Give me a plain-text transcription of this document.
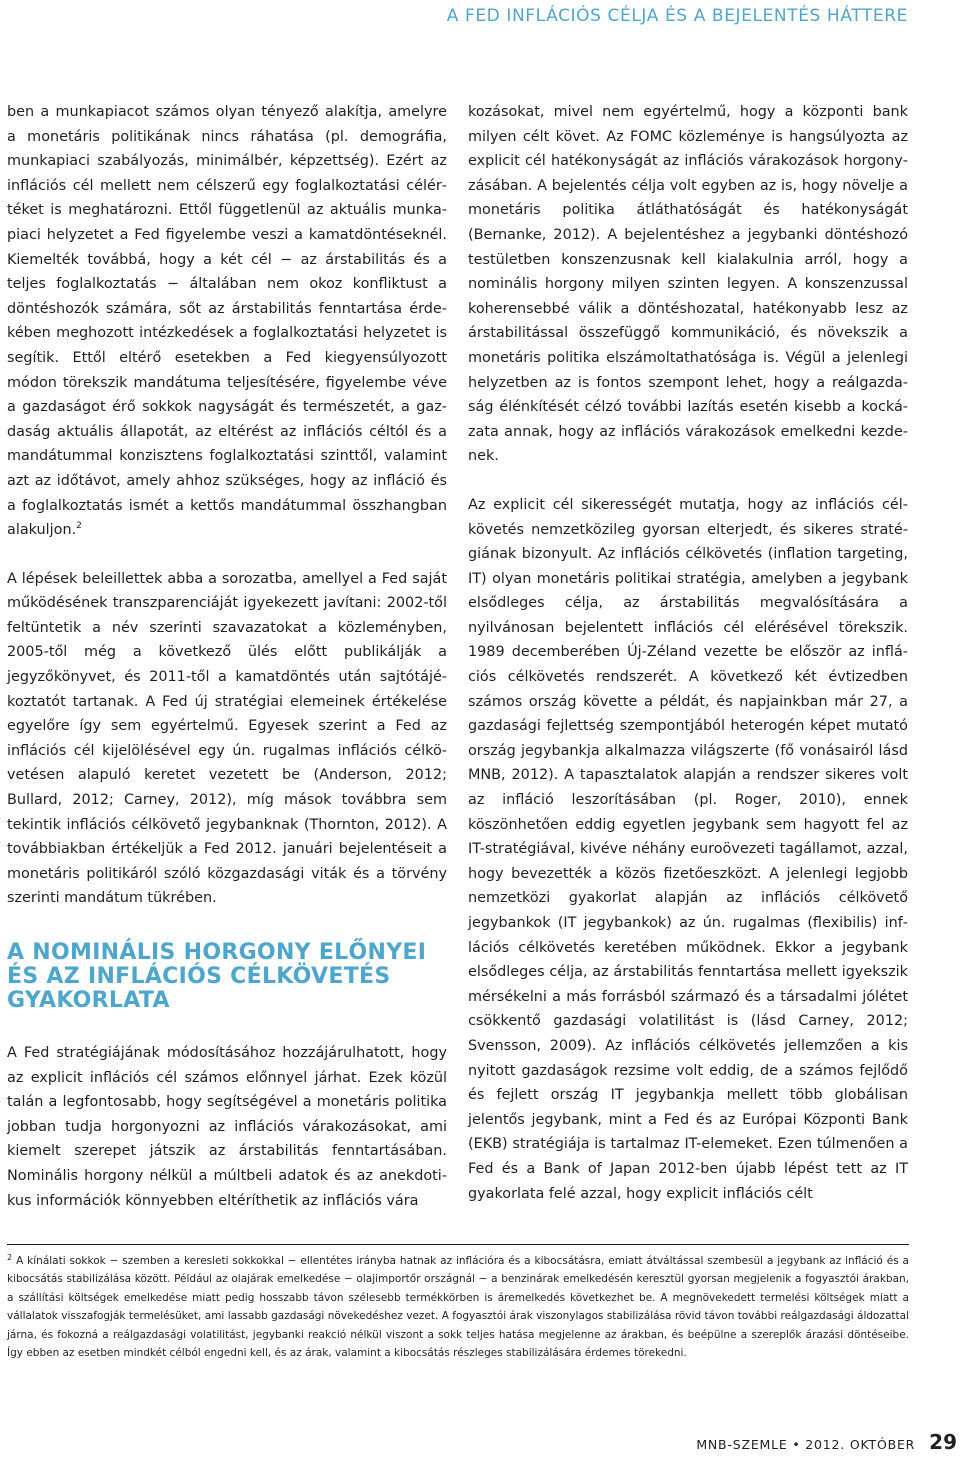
A FED INFLÁCIÓS CÉLJA ÉS A BEJELENTÉS HÁTTERE

ben a munkapiacot számos olyan tényező alakítja, amelyre a monetáris politikának nincs ráhatása (pl. demográfia, munkapiaci szabályozás, minimálbér, képzettség). Ezért az inflációs cél mellett nem célszerű egy foglalkoztatási célértéket is meghatározni. Ettől függetlenül az aktuális munkapiaci helyzetet a Fed figyelembe veszi a kamatdöntéseknél. Kiemelték továbbá, hogy a két cél − az árstabilitás és a teljes foglalkoztatás − általában nem okoz konfliktust a döntéshozók számára, sőt az árstabilitás fenntartása érdekében meghozott intézkedések a foglalkoztatási helyzetet is segítik. Ettől eltérő esetekben a Fed kiegyensúlyozott módon törekszik mandátuma teljesítésére, figyelembe véve a gazdaságot érő sokkok nagyságát és természetét, a gazdaság aktuális állapotát, az eltérést az inflációs céltól és a mandátummal konzisztens foglalkoztatási szinttől, valamint azt az időtávot, amely ahhoz szükséges, hogy az infláció és a foglalkoztatás ismét a kettős mandátummal összhangban alakuljon.$^2$

A lépések beleillettek abba a sorozatba, amellyel a Fed saját működésének transzparenciáját igyekezett javítani: 2002-től feltüntetik a név szerinti szavazatokat a közleményben, 2005-től még a következő ülés előtt publikálják a jegyzőkönyvet, és 2011-től a kamatdöntés után sajtótájékoztatót tartanak. A Fed új stratégiai elemeinek értékelése egyelőre így sem egyértelmű. Egyesek szerint a Fed az inflációs cél kijelölésével egy ún. rugalmas inflációs célkövetésen alapuló keretet vezetett be (Anderson, 2012; Bullard, 2012; Carney, 2012), míg mások továbbra sem tekintik inflációs célkövető jegybanknak (Thornton, 2012). A továbbiakban értékeljük a Fed 2012. januári bejelentéseit a monetáris politikáról szóló közgazdasági viták és a törvény szerinti mandátum tükrében.

A NOMINÁLIS HORGONY ELŐNYEI
ÉS AZ INFLÁCIÓS CÉLKÖVETÉS
GYAKORLATA

A Fed stratégiájának módosításához hozzájárulhatott, hogy az explicit inflációs cél számos előnnyel járhat. Ezek közül talán a legfontosabb, hogy segítségével a monetáris politika jobban tudja horgonyozni az inflációs várakozásokat, ami kiemelt szerepet játszik az árstabilitás fenntartásában. Nominális horgony nélkül a múltbeli adatok és az anekdotikus információk könnyebben eltéríthetik az inflációs vára

kozásokat, mivel nem egyértelmű, hogy a központi bank milyen célt követ. Az FOMC közleménye is hangsúlyozta az explicit cél hatékonyságát az inflációs várakozások horgonyzásában. A bejelentés célja volt egyben az is, hogy növelje a monetáris politika átláthatóságát és hatékonyságát (Bernanke, 2012). A bejelentéshez a jegybanki döntéshozó testületben konszenzusnak kell kialakulnia arról, hogy a nominális horgony milyen szinten legyen. A konszenzussal koherensebbé válik a döntéshozatal, hatékonyabb lesz az árstabilitással összefüggő kommunikáció, és növekszik a monetáris politika elszámoltathatósága is. Végül a jelenlegi helyzetben az is fontos szempont lehet, hogy a reálgazdaság élénkítését célzó további lazítás esetén kisebb a kockázata annak, hogy az inflációs várakozások emelkedni kezdenek.

Az explicit cél sikerességét mutatja, hogy az inflációs célkövetés nemzetközileg gyorsan elterjedt, és sikeres stratégiának bizonyult. Az inflációs célkövetés (inflation targeting, IT) olyan monetáris politikai stratégia, amelyben a jegybank elsődleges célja, az árstabilitás megvalósítására a nyilvánosan bejelentett inflációs cél elérésével törekszik. 1989 decemberében Új-Zéland vezette be először az inflációs célkövetés rendszerét. A következő két évtizedben számos ország követte a példát, és napjainkban már 27, a gazdasági fejlettség szempontjából heterogén képet mutató ország jegybankja alkalmazza világszerte (fő vonásairól lásd MNB, 2012). A tapasztalatok alapján a rendszer sikeres volt az infláció leszorításában (pl. Roger, 2010), ennek köszönhetően eddig egyetlen jegybank sem hagyott fel az IT-stratégiával, kivéve néhány euroövezeti tagállamot, azzal, hogy bevezették a közös fizetőeszközt. A jelenlegi legjobb nemzetközi gyakorlat alapján az inflációs célkövető jegybankok (IT jegybankok) az ún. rugalmas (flexibilis) inflációs célkövetés keretében működnek. Ekkor a jegybank elsődleges célja, az árstabilitás fenntartása mellett igyekszik mérsékelni a más forrásból származó és a társadalmi jólétet csökkentő gazdasági volatilitást is (lásd Carney, 2012; Svensson, 2009). Az inflációs célkövetés jellemzően a kis nyitott gazdaságok rezsime volt eddig, de a számos fejlődő és fejlett ország IT jegybankja mellett több globálisan jelentős jegybank, mint a Fed és az Európai Központi Bank (EKB) stratégiája is tartalmaz IT-elemeket. Ezen túlmenően a Fed és a Bank of Japan 2012-ben újabb lépést tett az IT gyakorlata felé azzal, hogy explicit inflációs célt

$^2$ A kínálati sokkok − szemben a keresleti sokkokkal − ellentétes irányba hatnak az inflációra és a kibocsátásra, emiatt átváltással szembesül a jegybank az infláció és a kibocsátás stabilizálása között. Például az olajárak emelkedése − olajimportőr országnál − a benzinárak emelkedésén keresztül gyorsan megjelenik a fogyasztói árakban, a szállítási költségek emelkedése miatt pedig hosszabb távon szélesebb termékkörben is áremelkedés következhet be. A megnövekedett termelési költségek miatt a vállalatok visszafogják termelésüket, ami lassabb gazdasági növekedéshez vezet. A fogyasztói árak viszonylagos stabilizálása rövid távon további reálgazdasági áldozattal járna, és fokozná a reálgazdasági volatilitást, jegybanki reakció nélkül viszont a sokk teljes hatása megjelenne az árakban, és beépülne a szereplők árazási döntéseibe. Így ebben az esetben mindkét célból engedni kell, és az árak, valamint a kibocsátás részleges stabilizálására érdemes törekedni.

MNB-SZEMLE • 2012. OKTÓBER 29
